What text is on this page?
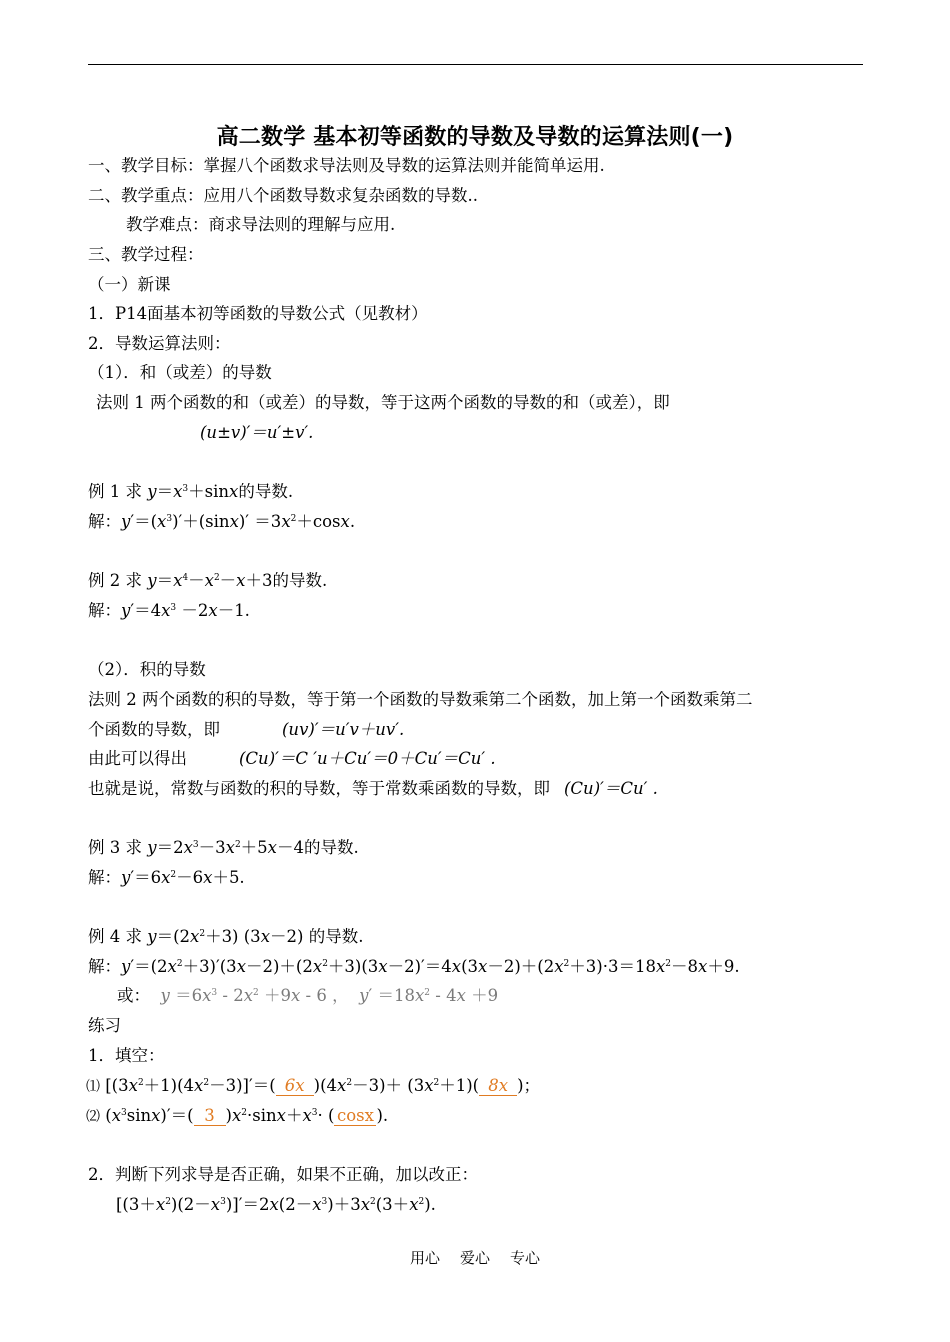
高二数学 基本初等函数的导数及导数的运算法则(一)
一、教学目标：掌握八个函数求导法则及导数的运算法则并能简单运用.
二、教学重点：应用八个函数导数求复杂函数的导数..
教学难点：商求导法则的理解与应用.
三、教学过程：
（一）新课
1．P14面基本初等函数的导数公式（见教材）
2．导数运算法则：
（1）．和（或差）的导数
法则 1 两个函数的和（或差）的导数，等于这两个函数的导数的和（或差），即
(u±v)′＝u′±v′.
例 1 求 $y=x^3+\sin x$的导数.
解：$y'=(x^3)'+(\sin x)' =3x^2+\cos x$.
例 2 求 $y=x^4-x^2-x+3$的导数.
解：$y'=4x^3 -2x-1$.
（2）．积的导数
法则 2 两个函数的积的导数，等于第一个函数的导数乘第二个函数，加上第一个函数乘第二
个函数的导数，即	(uv)′＝u′v＋uv′.
由此可以得出	(Cu)′＝C ′u＋Cu′＝0＋Cu′＝Cu′ .
也就是说，常数与函数的积的导数，等于常数乘函数的导数，即 (Cu)′＝Cu′ .
例 3 求 $y=2x^3-3x^2+5x-4$的导数.
解：$y'=6x^2-6x+5$.
例 4 求 $y=(2x^2+3)$ (3x－2) 的导数.
解：$y'=(2x^2+3)'(3x-2)+(2x^2+3)(3x-2)'=4x(3x-2)+(2x^2+3)\cdot 3=18x^2-8x+9$.
或： $y =6x^3 - 2x^2 +9x - 6$ ，  $y' =18x^2 - 4x +9$
练习
1．填空：
⑴ $[(3x^2+1)(4x^2-3)]'=$( 6x )$(4x^2-3)+ (3x^2+1)$( 8x )；
⑵ $(x^3\sin x)'=$( 3 )$x^2\cdot\sin x+x^3\cdot$ ( cosx ).
2．判断下列求导是否正确，如果不正确，加以改正：
$[(3+x^2)(2-x^3)]'=2x(2-x^3)+3x^2(3+x^2)$.
用心 爱心 专心
